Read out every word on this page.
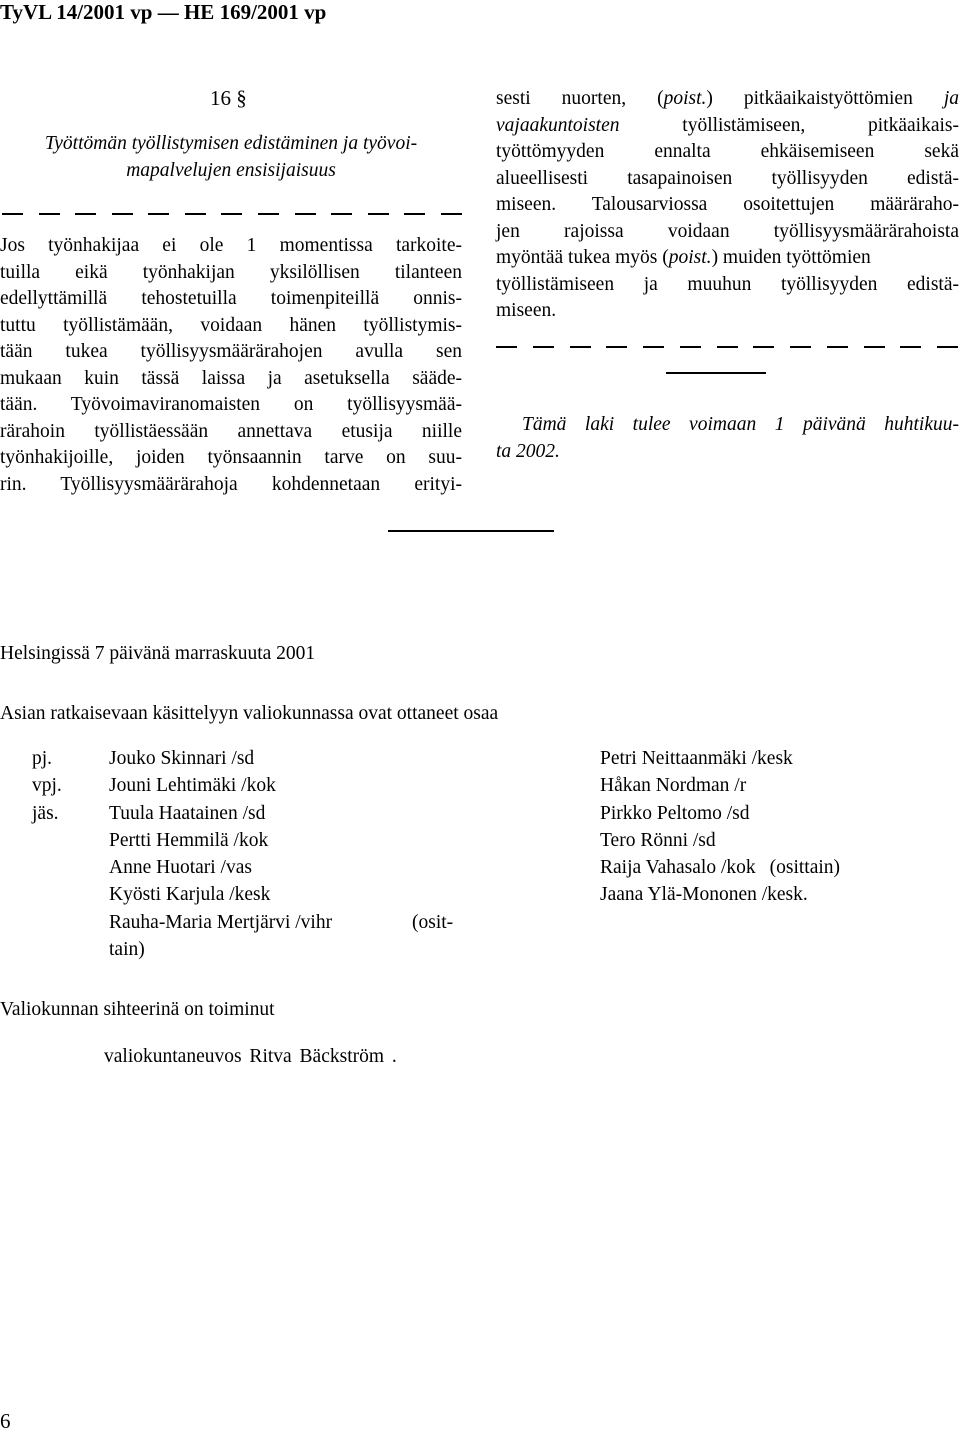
TyVL 14/2001 vp — HE 169/2001 vp
16 §
Työttömän työllistymisen edistäminen ja työvoi-
mapalvelujen ensisijaisuus
Jos työnhakijaa ei ole 1 momentissa tarkoite-
tuilla eikä työnhakijan yksilöllisen tilanteen
edellyttämillä tehostetuilla toimenpiteillä onnis-
tuttu työllistämään, voidaan hänen työllistymis-
tään tukea työllisyysmäärärahojen avulla sen
mukaan kuin tässä laissa ja asetuksella sääde-
tään. Työvoimaviranomaisten on työllisyysmää-
rärahoin työllistäessään annettava etusija niille
työnhakijoille, joiden työnsaannin tarve on suu-
rin. Työllisyysmäärärahoja kohdennetaan erityi-
sesti nuorten, (poist.) pitkäaikaistyöttömien ja
vajaakuntoisten työllistämiseen, pitkäaikais-
työttömyyden ennalta ehkäisemiseen sekä
alueellisesti tasapainoisen työllisyyden edistä-
miseen. Talousarviossa osoitettujen määräraho-
jen rajoissa voidaan työllisyysmäärärahoista
myöntää tukea myös (poist.) muiden työttömien
työllistämiseen ja muuhun työllisyyden edistä-
miseen.
Tämä laki tulee voimaan 1 päivänä huhtikuu-
ta 2002.
Helsingissä 7 päivänä marraskuuta 2001
Asian ratkaisevaan käsittelyyn valiokunnassa ovat ottaneet osaa
pj.	Jouko Skinnari /sd
vpj. Jouni Lehtimäki /kok
jäs.	Tuula Haatainen /sd
Pertti Hemmilä /kok
Anne Huotari /vas
Kyösti Karjula /kesk
Rauha-Maria Mertjärvi /vihr	(osit-
tain)
Petri Neittaanmäki /kesk
Håkan Nordman /r
Pirkko Peltomo /sd
Tero Rönni /sd
Raija Vahasalo /kok (osittain)
Jaana Ylä-Mononen /kesk.
Valiokunnan sihteerinä on toiminut
valiokuntaneuvos Ritva Bäckström .
6
